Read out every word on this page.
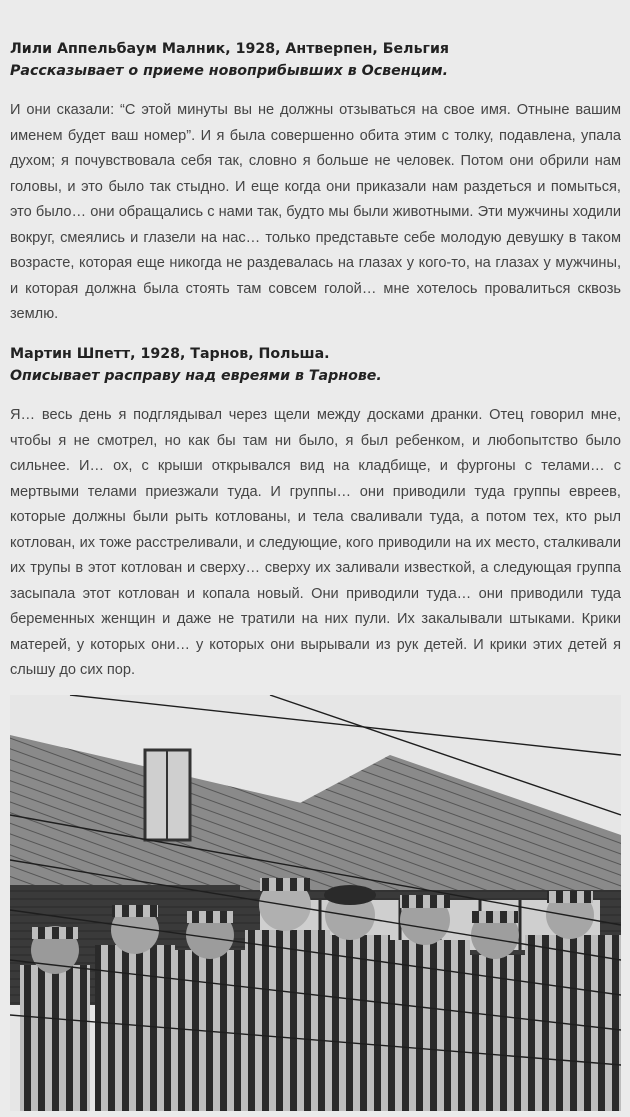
Лили Аппельбаум Малник, 1928, Антверпен, Бельгия
Рассказывает о приеме новоприбывших в Освенцим.

И они сказали: “С этой минуты вы не должны отзываться на свое имя. Отныне вашим именем будет ваш номер”. И я была совершенно обита этим с толку, подавлена, упала духом; я почувствовала себя так, словно я больше не человек. Потом они обрили нам головы, и это было так стыдно. И еще когда они приказали нам раздеться и помыться, это было… они обращались с нами так, будто мы были животными. Эти мужчины ходили вокруг, смеялись и глазели на нас… только представьте себе молодую девушку в таком возрасте, которая еще никогда не раздевалась на глазах у кого-то, на глазах у мужчины, и которая должна была стоять там совсем голой… мне хотелось провалиться сквозь землю.

Мартин Шпетт, 1928, Тарнов, Польша.
Описывает расправу над евреями в Тарнове.

Я… весь день я подглядывал через щели между досками дранки. Отец говорил мне, чтобы я не смотрел, но как бы там ни было, я был ребенком, и любопытство было сильнее. И… ох, с крыши открывался вид на кладбище, и фургоны с телами… с мертвыми телами приезжали туда. И группы… они приводили туда группы евреев, которые должны были рыть котлованы, и тела сваливали туда, а потом тех, кто рыл котлован, их тоже расстреливали, и следующие, кого приводили на их место, сталкивали их трупы в этот котлован и сверху… сверху их заливали известкой, а следующая группа засыпала этот котлован и копала новый. Они приводили туда… они приводили туда беременных женщин и даже не тратили на них пули. Их закалывали штыками. Крики матерей, у которых они… у которых они вырывали из рук детей. И крики этих детей я слышу до сих пор.
